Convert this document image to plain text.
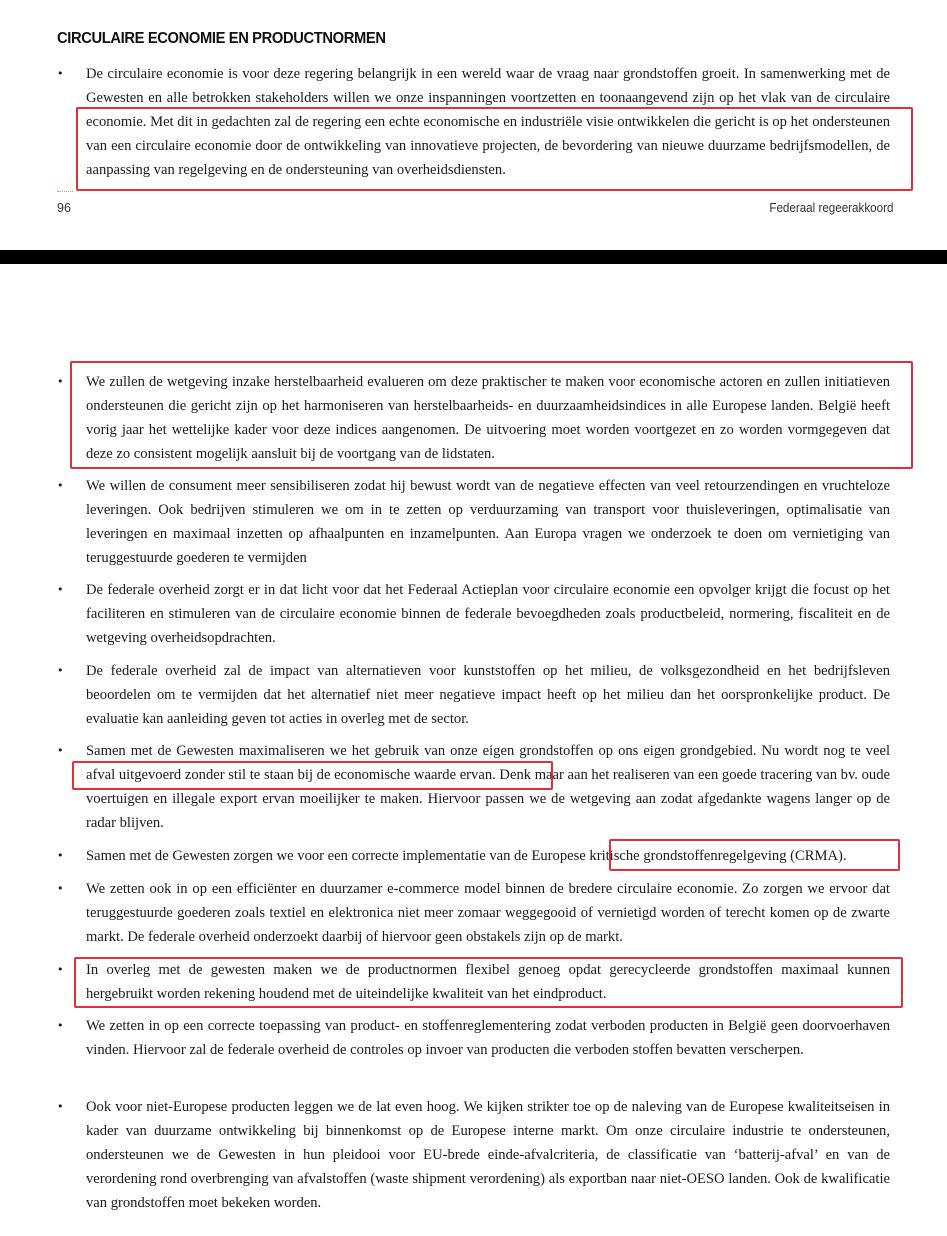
CIRCULAIRE ECONOMIE EN PRODUCTNORMEN
• De circulaire economie is voor deze regering belangrijk in een wereld waar de vraag naar grondstoffen groeit. In samenwerking met de Gewesten en alle betrokken stakeholders willen we onze inspanningen voortzetten en toonaangevend zijn op het vlak van de circulaire economie. Met dit in gedachten zal de regering een echte economische en industriële visie ontwikkelen die gericht is op het ondersteunen van een circulaire economie door de ontwikkeling van innovatieve projecten, de bevordering van nieuwe duurzame bedrijfsmodellen, de aanpassing van regelgeving en de ondersteuning van overheidsdiensten.

96	Federaal regeerakkoord
• We zullen de wetgeving inzake herstelbaarheid evalueren om deze praktischer te maken voor economische actoren en zullen initiatieven ondersteunen die gericht zijn op het harmoniseren van herstelbaarheids- en duurzaamheidsindices in alle Europese landen. België heeft vorig jaar het wettelijke kader voor deze indices aangenomen. De uitvoering moet worden voortgezet en zo worden vormgegeven dat deze zo consistent mogelijk aansluit bij de voortgang van de lidstaten.

• We willen de consument meer sensibiliseren zodat hij bewust wordt van de negatieve effecten van veel retourzendingen en vruchteloze leveringen. Ook bedrijven stimuleren we om in te zetten op verduurzaming van transport voor thuisleveringen, optimalisatie van leveringen en maximaal inzetten op afhaalpunten en inzamelpunten. Aan Europa vragen we onderzoek te doen om vernietiging van teruggestuurde goederen te vermijden

• De federale overheid zorgt er in dat licht voor dat het Federaal Actieplan voor circulaire economie een opvolger krijgt die focust op het faciliteren en stimuleren van de circulaire economie binnen de federale bevoegdheden zoals productbeleid, normering, fiscaliteit en de wetgeving overheidsopdrachten.

• De federale overheid zal de impact van alternatieven voor kunststoffen op het milieu, de volksgezondheid en het bedrijfsleven beoordelen om te vermijden dat het alternatief niet meer negatieve impact heeft op het milieu dan het oorspronkelijke product. De evaluatie kan aanleiding geven tot acties in overleg met de sector.

• Samen met de Gewesten maximaliseren we het gebruik van onze eigen grondstoffen op ons eigen grondgebied. Nu wordt nog te veel afval uitgevoerd zonder stil te staan bij de economische waarde ervan. Denk maar aan het realiseren van een goede tracering van bv. oude voertuigen en illegale export ervan moeilijker te maken. Hiervoor passen we de wetgeving aan zodat afgedankte wagens langer op de radar blijven.

• Samen met de Gewesten zorgen we voor een correcte implementatie van de Europese kritische grondstoffenregelgeving (CRMA).

• We zetten ook in op een efficiënter en duurzamer e-commerce model binnen de bredere circulaire economie. Zo zorgen we ervoor dat teruggestuurde goederen zoals textiel en elektronica niet meer zomaar weggegooid of vernietigd worden of terecht komen op de zwarte markt. De federale overheid onderzoekt daarbij of hiervoor geen obstakels zijn op de markt.

• In overleg met de gewesten maken we de productnormen flexibel genoeg opdat gerecycleerde grondstoffen maximaal kunnen hergebruikt worden rekening houdend met de uiteindelijke kwaliteit van het eindproduct.

• We zetten in op een correcte toepassing van product- en stoffenreglementering zodat verboden producten in België geen doorvoerhaven vinden. Hiervoor zal de federale overheid de controles op invoer van producten die verboden stoffen bevatten verscherpen.

• Ook voor niet-Europese producten leggen we de lat even hoog. We kijken strikter toe op de naleving van de Europese kwaliteitseisen in kader van duurzame ontwikkeling bij binnenkomst op de Europese interne markt. Om onze circulaire industrie te ondersteunen, ondersteunen we de Gewesten in hun pleidooi voor EU-brede einde-afvalcriteria, de classificatie van ‘batterij-afval’ en van de verordening rond overbrenging van afvalstoffen (waste shipment verordening) als exportban naar niet-OESO landen. Ook de kwalificatie van grondstoffen moet bekeken worden.
